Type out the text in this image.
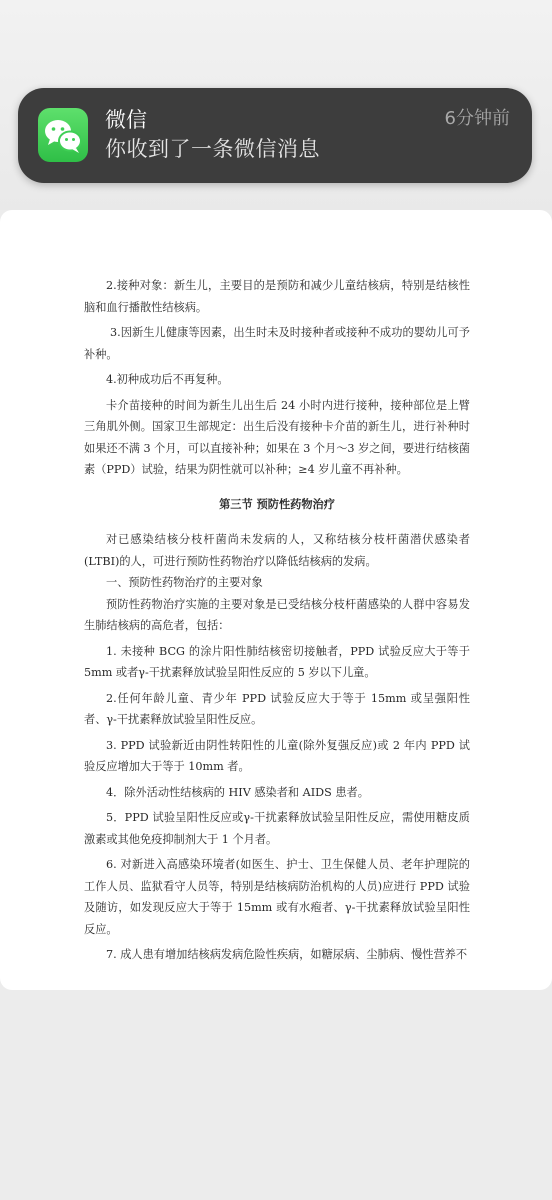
微信
你收到了一条微信消息
6分钟前

2.接种对象：新生儿，主要目的是预防和减少儿童结核病，特别是结核性脑和血行播散性结核病。

3.因新生儿健康等因素，出生时未及时接种者或接种不成功的婴幼儿可予补种。

4.初种成功后不再复种。

卡介苗接种的时间为新生儿出生后 24 小时内进行接种，接种部位是上臂三角肌外侧。国家卫生部规定：出生后没有接种卡介苗的新生儿，进行补种时如果还不满 3 个月，可以直接补种；如果在 3 个月～3 岁之间，要进行结核菌素（PPD）试验，结果为阴性就可以补种；≥4 岁儿童不再补种。

第三节 预防性药物治疗

对已感染结核分枝杆菌尚未发病的人，又称结核分枝杆菌潜伏感染者(LTBI)的人，可进行预防性药物治疗以降低结核病的发病。

一、预防性药物治疗的主要对象

预防性药物治疗实施的主要对象是已受结核分枝杆菌感染的人群中容易发生肺结核病的高危者，包括：

1. 未接种 BCG 的涂片阳性肺结核密切接触者，PPD 试验反应大于等于 5mm 或者γ-干扰素释放试验呈阳性反应的 5 岁以下儿童。

2.任何年龄儿童、青少年 PPD 试验反应大于等于 15mm 或呈强阳性者、γ-干扰素释放试验呈阳性反应。

3. PPD 试验新近由阴性转阳性的儿童(除外复强反应)或 2 年内 PPD 试验反应增加大于等于 10mm 者。

4．除外活动性结核病的 HIV 感染者和 AIDS 患者。

5．PPD 试验呈阳性反应或γ-干扰素释放试验呈阳性反应，需使用糖皮质激素或其他免疫抑制剂大于 1 个月者。

6. 对新进入高感染环境者(如医生、护士、卫生保健人员、老年护理院的工作人员、监狱看守人员等，特别是结核病防治机构的人员)应进行 PPD 试验及随访，如发现反应大于等于 15mm 或有水疱者、γ-干扰素释放试验呈阳性反应。

7. 成人患有增加结核病发病危险性疾病，如糖尿病、尘肺病、慢性营养不
